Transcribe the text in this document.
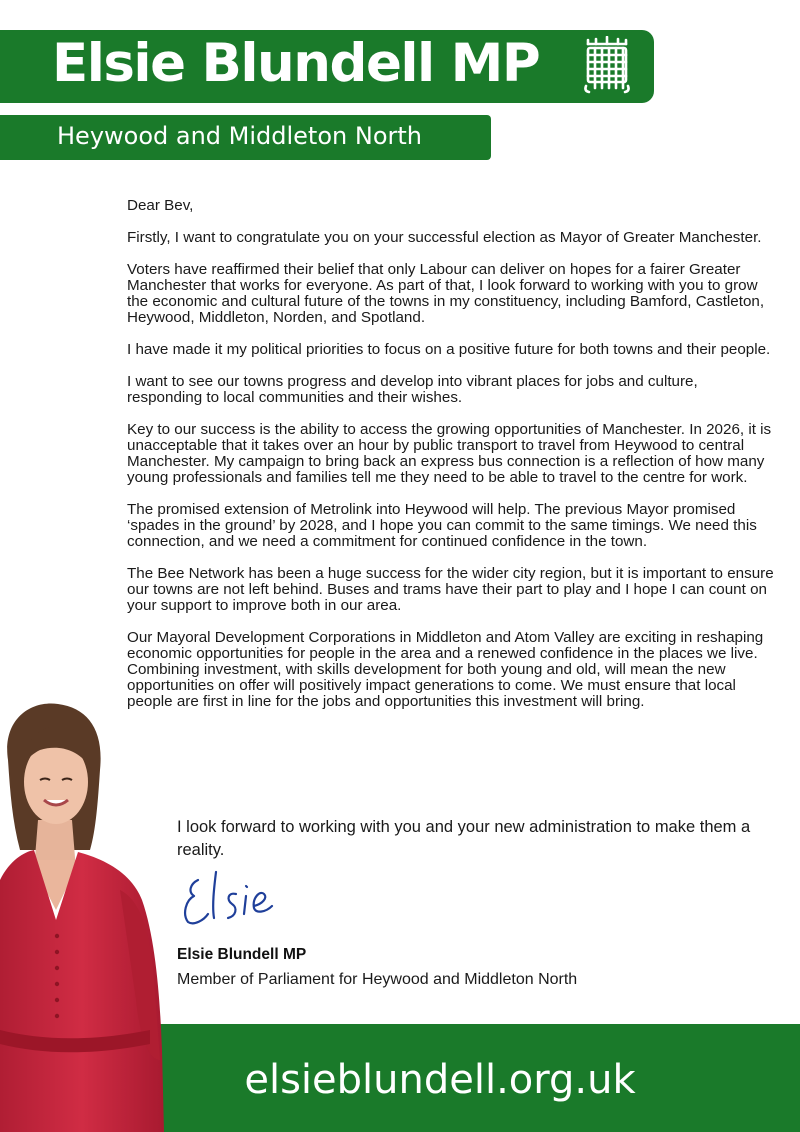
Elsie Blundell MP
Heywood and Middleton North

Dear Bev,

Firstly, I want to congratulate you on your successful election as Mayor of Greater Manchester.

Voters have reaffirmed their belief that only Labour can deliver on hopes for a fairer Greater Manchester that works for everyone. As part of that, I look forward to working with you to grow the economic and cultural future of the towns in my constituency, including Bamford, Castleton, Heywood, Middleton, Norden, and Spotland.

I have made it my political priorities to focus on a positive future for both towns and their people.

I want to see our towns progress and develop into vibrant places for jobs and culture, responding to local communities and their wishes.

Key to our success is the ability to access the growing opportunities of Manchester. In 2026, it is unacceptable that it takes over an hour by public transport to travel from Heywood to central Manchester. My campaign to bring back an express bus connection is a reflection of how many young professionals and families tell me they need to be able to travel to the centre for work.

The promised extension of Metrolink into Heywood will help. The previous Mayor promised ‘spades in the ground’ by 2028, and I hope you can commit to the same timings. We need this connection, and we need a commitment for continued confidence in the town.

The Bee Network has been a huge success for the wider city region, but it is important to ensure our towns are not left behind. Buses and trams have their part to play and I hope I can count on your support to improve both in our area.

Our Mayoral Development Corporations in Middleton and Atom Valley are exciting in reshaping economic opportunities for people in the area and a renewed confidence in the places we live. Combining investment, with skills development for both young and old, will mean the new opportunities on offer will positively impact generations to come. We must ensure that local people are first in line for the jobs and opportunities this investment will bring.

I look forward to working with you and your new administration to make them a reality.
Elsie Blundell MP
Member of Parliament for Heywood and Middleton North
elsieblundell.org.uk
